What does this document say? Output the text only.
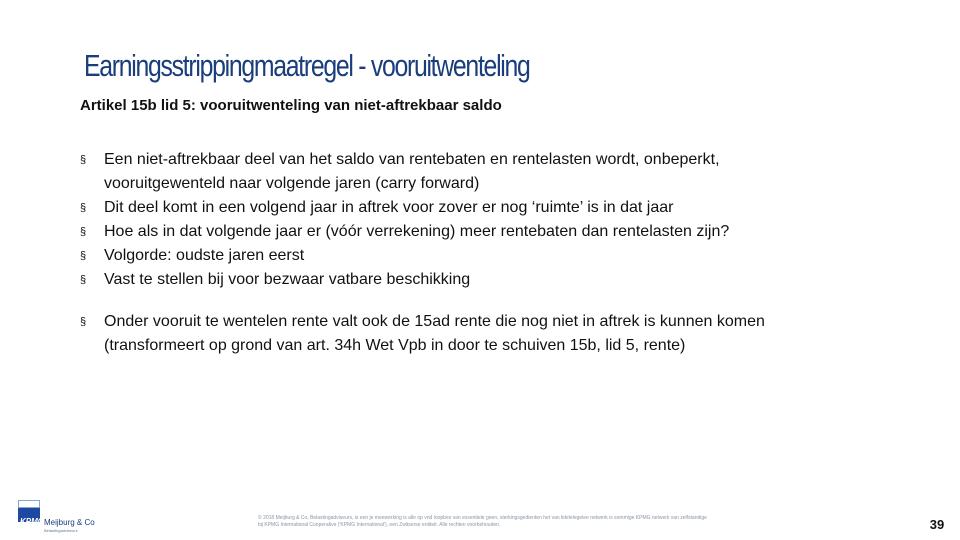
Earningsstrippingmaatregel - vooruitwenteling
Artikel 15b lid 5: vooruitwenteling van niet-aftrekbaar saldo
§ Een niet-aftrekbaar deel van het saldo van rentebaten en rentelasten wordt, onbeperkt, vooruitgewenteld naar volgende jaren (carry forward)
§ Dit deel komt in een volgend jaar in aftrek voor zover er nog ‘ruimte’ is in dat jaar
§ Hoe als in dat volgende jaar er (vóór verrekening) meer rentebaten dan rentelasten zijn?
§ Volgorde: oudste jaren eerst
§ Vast te stellen bij voor bezwaar vatbare beschikking
§ Onder vooruit te wentelen rente valt ook de 15ad rente die nog niet in aftrek is kunnen komen (transformeert op grond van art. 34h Wet Vpb in door te schuiven 15b, lid 5, rente)
KPMG Meijburg & Co
Belastingadviseurs
© 2018 Meijburg & Co, Belastingadviseurs, is een je meewerking is alle op vnd loopbes van essentiele geen, sterkingsgedienten het van lidelelegelee netwerk is sommige KPMG netwerk van zelfstandige bij KPMG International Cooperative ('KPMG International'), een Zwitserse entiteit. Alle rechten voorbehouden.	39
